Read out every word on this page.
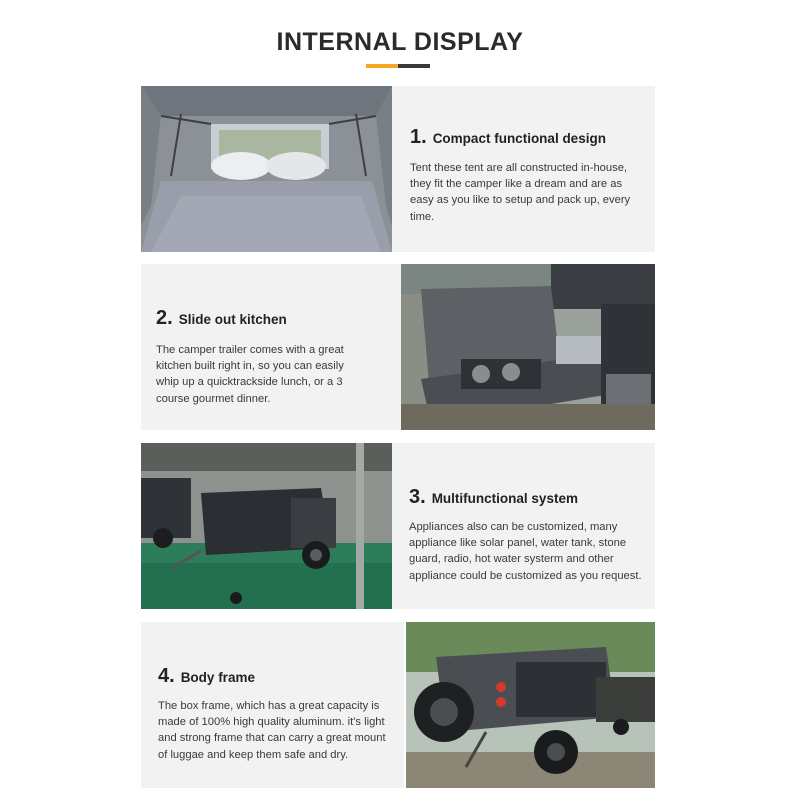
INTERNAL DISPLAY
1. Compact functional design
Tent these tent are all constructed in-house, they fit the camper like a dream and are as easy as you like to setup and pack up, every time.
2. Slide out kitchen
The camper trailer comes with a great kitchen built right in, so you can easily whip up a quicktrackside lunch, or a 3 course gourmet dinner.
3. Multifunctional system
Appliances also can be customized, many appliance like solar panel, water tank, stone guard, radio, hot water systerm and other appliance could be customized as you request.
4. Body frame
The box frame, which has a great capacity is made of 100% high quality aluminum. it's light and strong frame that can carry a great mount of luggae and keep them safe and dry.
